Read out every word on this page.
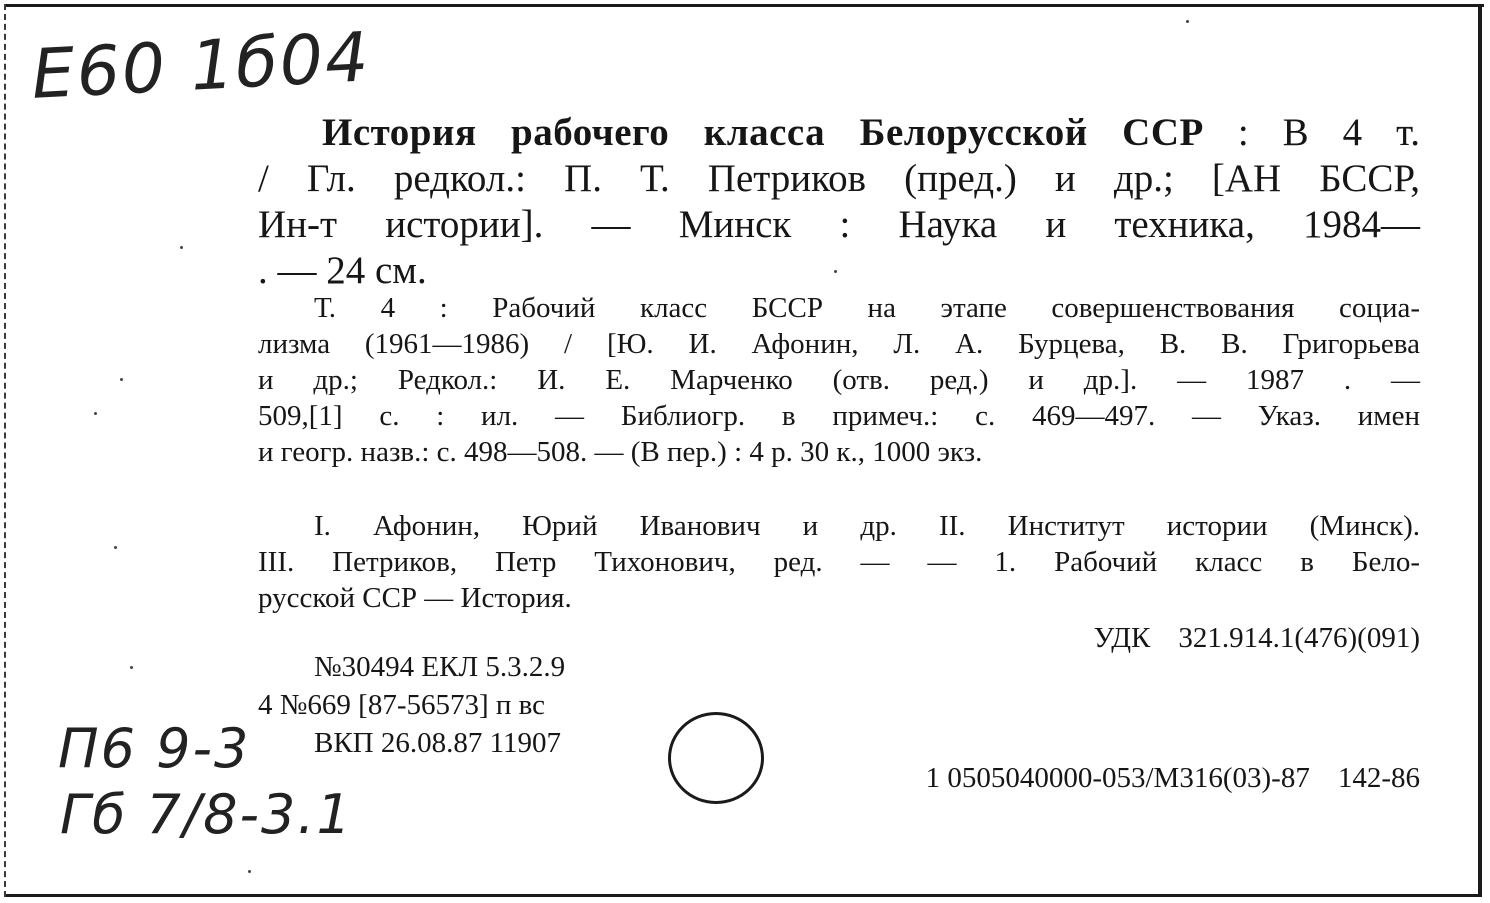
Е60 1б04
П6 9-3
Гб 7/8-3.1
История рабочего класса Белорусской ССР : В 4 т.
/ Гл. редкол.: П. Т. Петриков (пред.) и др.; [АН БССР,
Ин-т истории]. — Минск : Наука и техника, 1984—
. — 24 см.
Т. 4 : Рабочий класс БССР на этапе совершенствования социа-
лизма (1961—1986) / [Ю. И. Афонин, Л. А. Бурцева, В. В. Григорьева
и др.; Редкол.: И. Е. Марченко (отв. ред.) и др.]. — 1987 . —
509,[1] с. : ил. — Библиогр. в примеч.: с. 469—497. — Указ. имен
и геогр. назв.: с. 498—508. — (В пер.) : 4 р. 30 к., 1000 экз.
I. Афонин, Юрий Иванович и др. II. Институт истории (Минск).
III. Петриков, Петр Тихонович, ред. — — 1. Рабочий класс в Бело-
русской ССР — История.
УДК 321.914.1(476)(091)
№30494 ЕКЛ 5.3.2.9
4 №669 [87-56573] п вс
ВКП 26.08.87 11907
1 0505040000-053/М316(03)-87 142-86
